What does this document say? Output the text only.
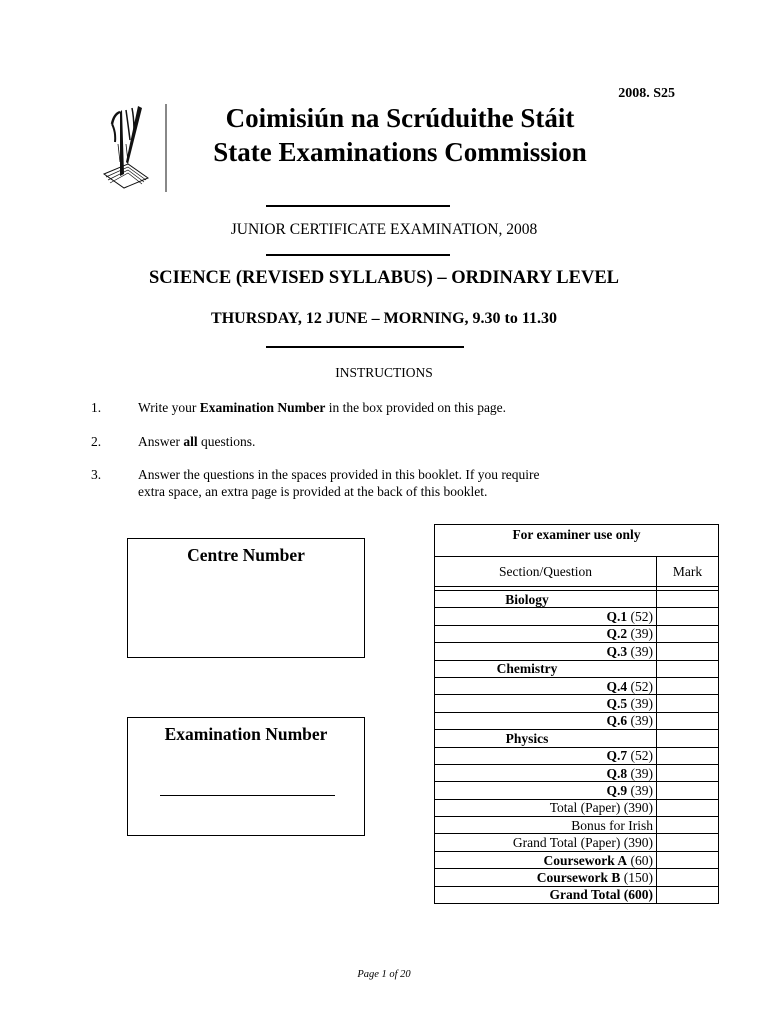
2008. S25
Coimisiún na Scrúduithe Stáit
State Examinations Commission
JUNIOR CERTIFICATE EXAMINATION, 2008
SCIENCE (REVISED SYLLABUS) – ORDINARY LEVEL
THURSDAY, 12 JUNE – MORNING, 9.30 to 11.30
INSTRUCTIONS
1.	Write your Examination Number in the box provided on this page.
2.	Answer all questions.
3.	Answer the questions in the spaces provided in this booklet. If you require
extra space, an extra page is provided at the back of this booklet.
Centre Number
Examination Number
For examiner use only	
Section/Question	Mark

Biology	
Q.1 (52)	
Q.2 (39)	
Q.3 (39)	
Chemistry	
Q.4 (52)	
Q.5 (39)	
Q.6 (39)	
Physics	
Q.7 (52)	
Q.8 (39)	
Q.9 (39)	
Total (Paper) (390)	
Bonus for Irish	
Grand Total (Paper) (390)	
Coursework A (60)	
Coursework B (150)	
Grand Total (600)	
Page 1 of 20
